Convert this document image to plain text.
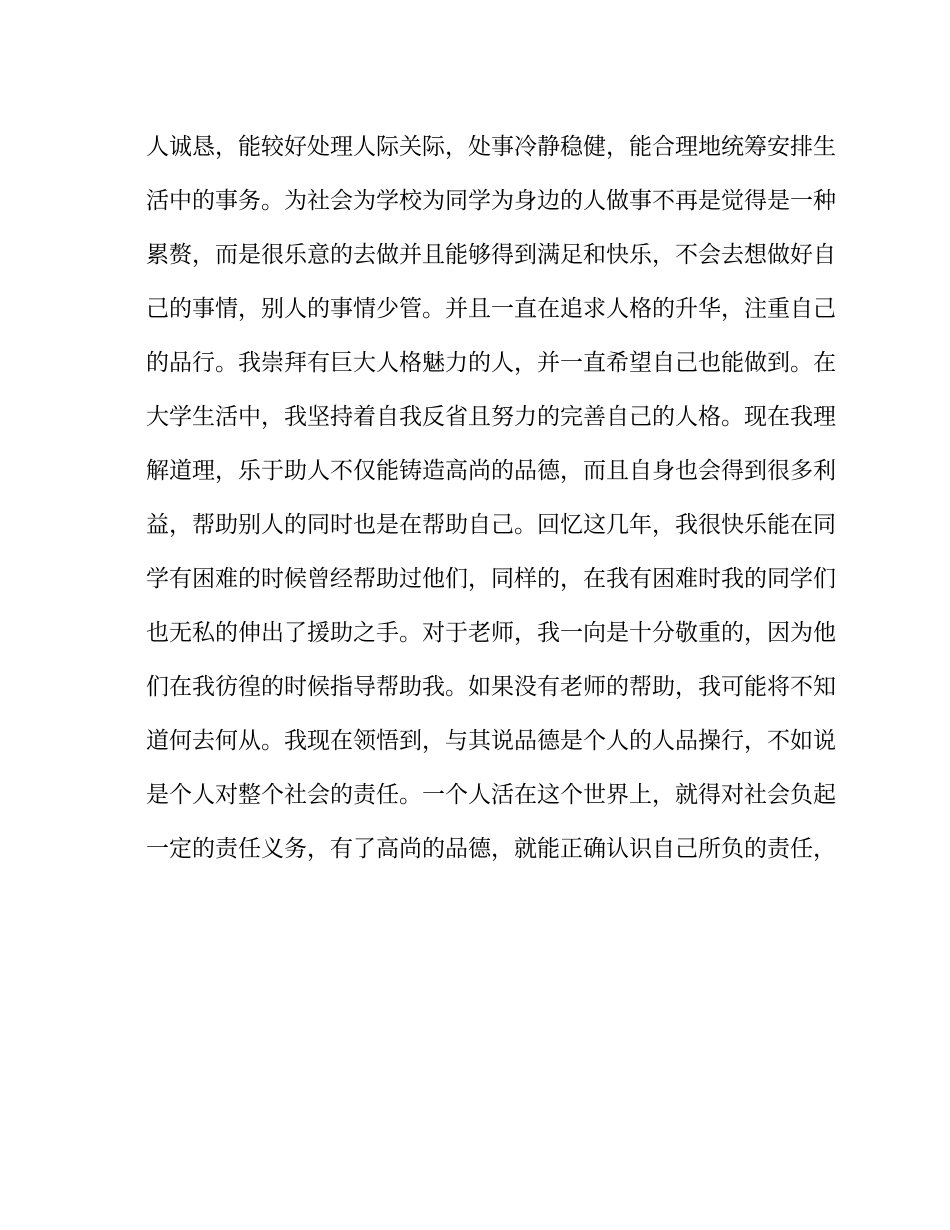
人诚恳，能较好处理人际关际，处事冷静稳健，能合理地统筹安排生
活中的事务。为社会为学校为同学为身边的人做事不再是觉得是一种
累赘，而是很乐意的去做并且能够得到满足和快乐，不会去想做好自
己的事情，别人的事情少管。并且一直在追求人格的升华，注重自己
的品行。我崇拜有巨大人格魅力的人，并一直希望自己也能做到。在
大学生活中，我坚持着自我反省且努力的完善自己的人格。现在我理
解道理，乐于助人不仅能铸造高尚的品德，而且自身也会得到很多利
益，帮助别人的同时也是在帮助自己。回忆这几年，我很快乐能在同
学有困难的时候曾经帮助过他们，同样的，在我有困难时我的同学们
也无私的伸出了援助之手。对于老师，我一向是十分敬重的，因为他
们在我彷徨的时候指导帮助我。如果没有老师的帮助，我可能将不知
道何去何从。我现在领悟到，与其说品德是个人的人品操行，不如说
是个人对整个社会的责任。一个人活在这个世界上，就得对社会负起
一定的责任义务，有了高尚的品德，就能正确认识自己所负的责任，
